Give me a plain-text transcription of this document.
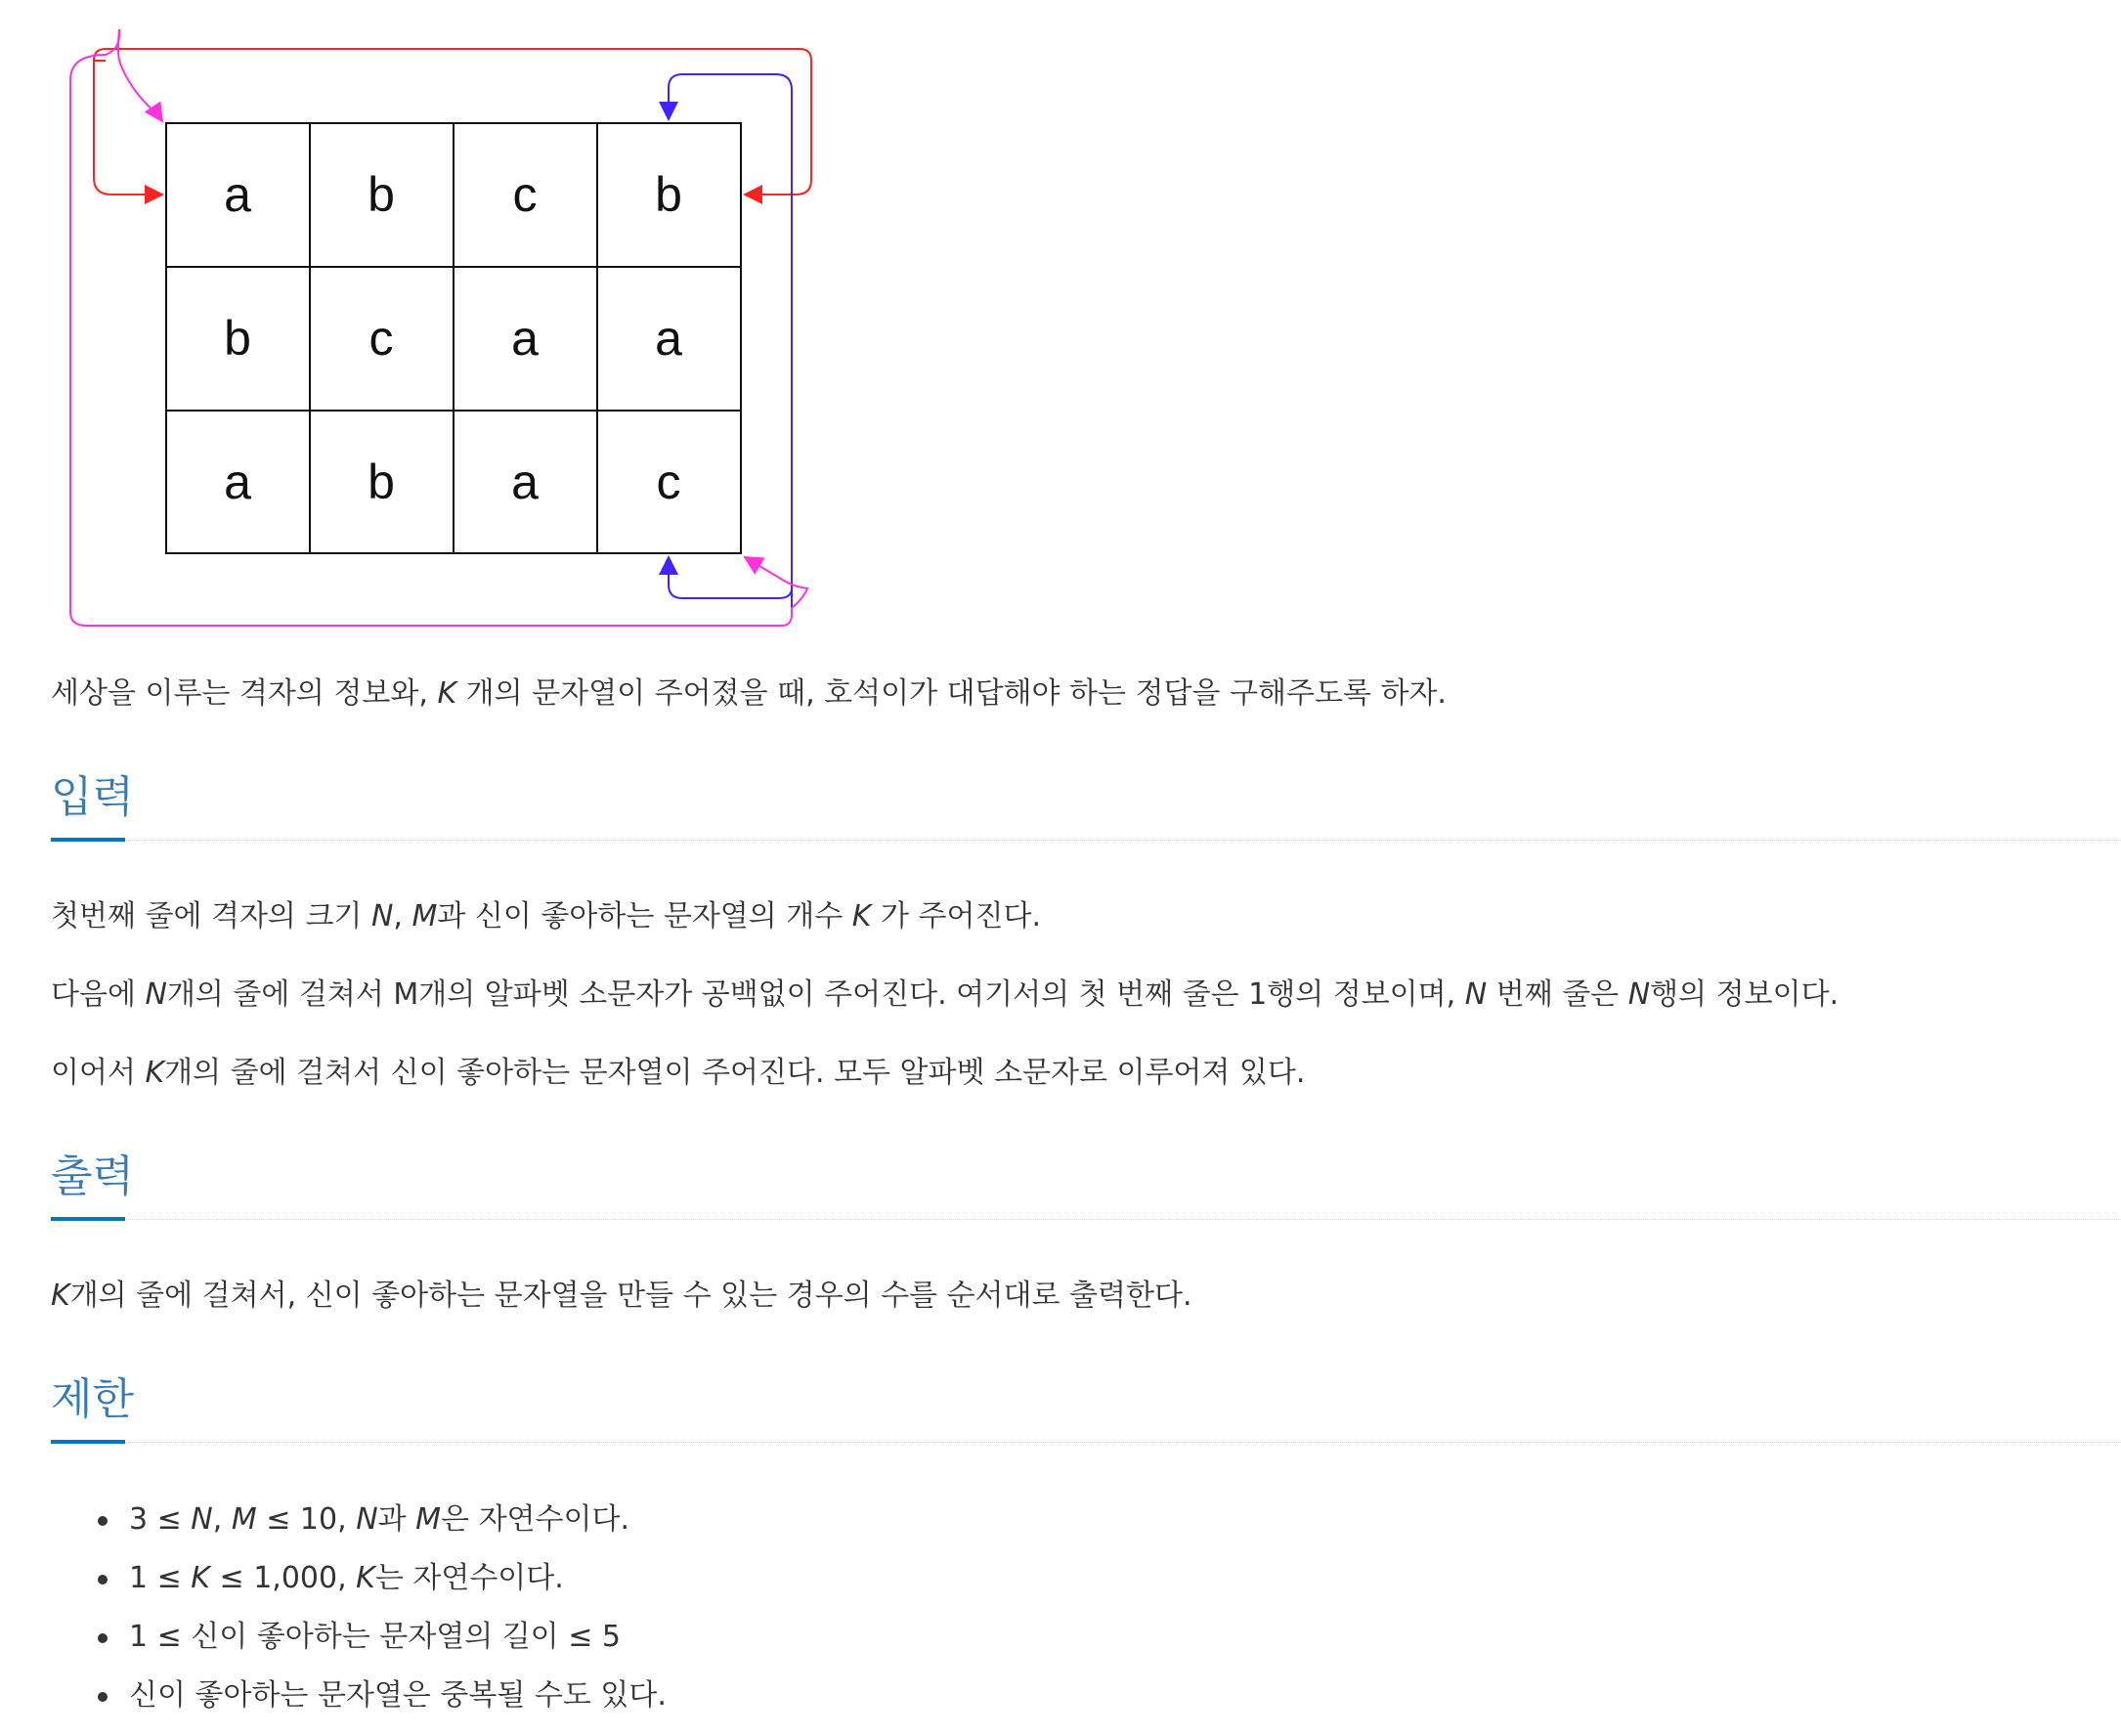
a b c b
b c a a
a b a c
세상을 이루는 격자의 정보와, K 개의 문자열이 주어졌을 때, 호석이가 대답해야 하는 정답을 구해주도록 하자.
입력
첫번째 줄에 격자의 크기 N, M과 신이 좋아하는 문자열의 개수 K 가 주어진다.
다음에 N개의 줄에 걸쳐서 M개의 알파벳 소문자가 공백없이 주어진다. 여기서의 첫 번째 줄은 1행의 정보이며, N 번째 줄은 N행의 정보이다.
이어서 K개의 줄에 걸쳐서 신이 좋아하는 문자열이 주어진다. 모두 알파벳 소문자로 이루어져 있다.
출력
K개의 줄에 걸쳐서, 신이 좋아하는 문자열을 만들 수 있는 경우의 수를 순서대로 출력한다.
제한
3 ≤ N, M ≤ 10, N과 M은 자연수이다.
1 ≤ K ≤ 1,000, K는 자연수이다.
1 ≤ 신이 좋아하는 문자열의 길이 ≤ 5
신이 좋아하는 문자열은 중복될 수도 있다.
